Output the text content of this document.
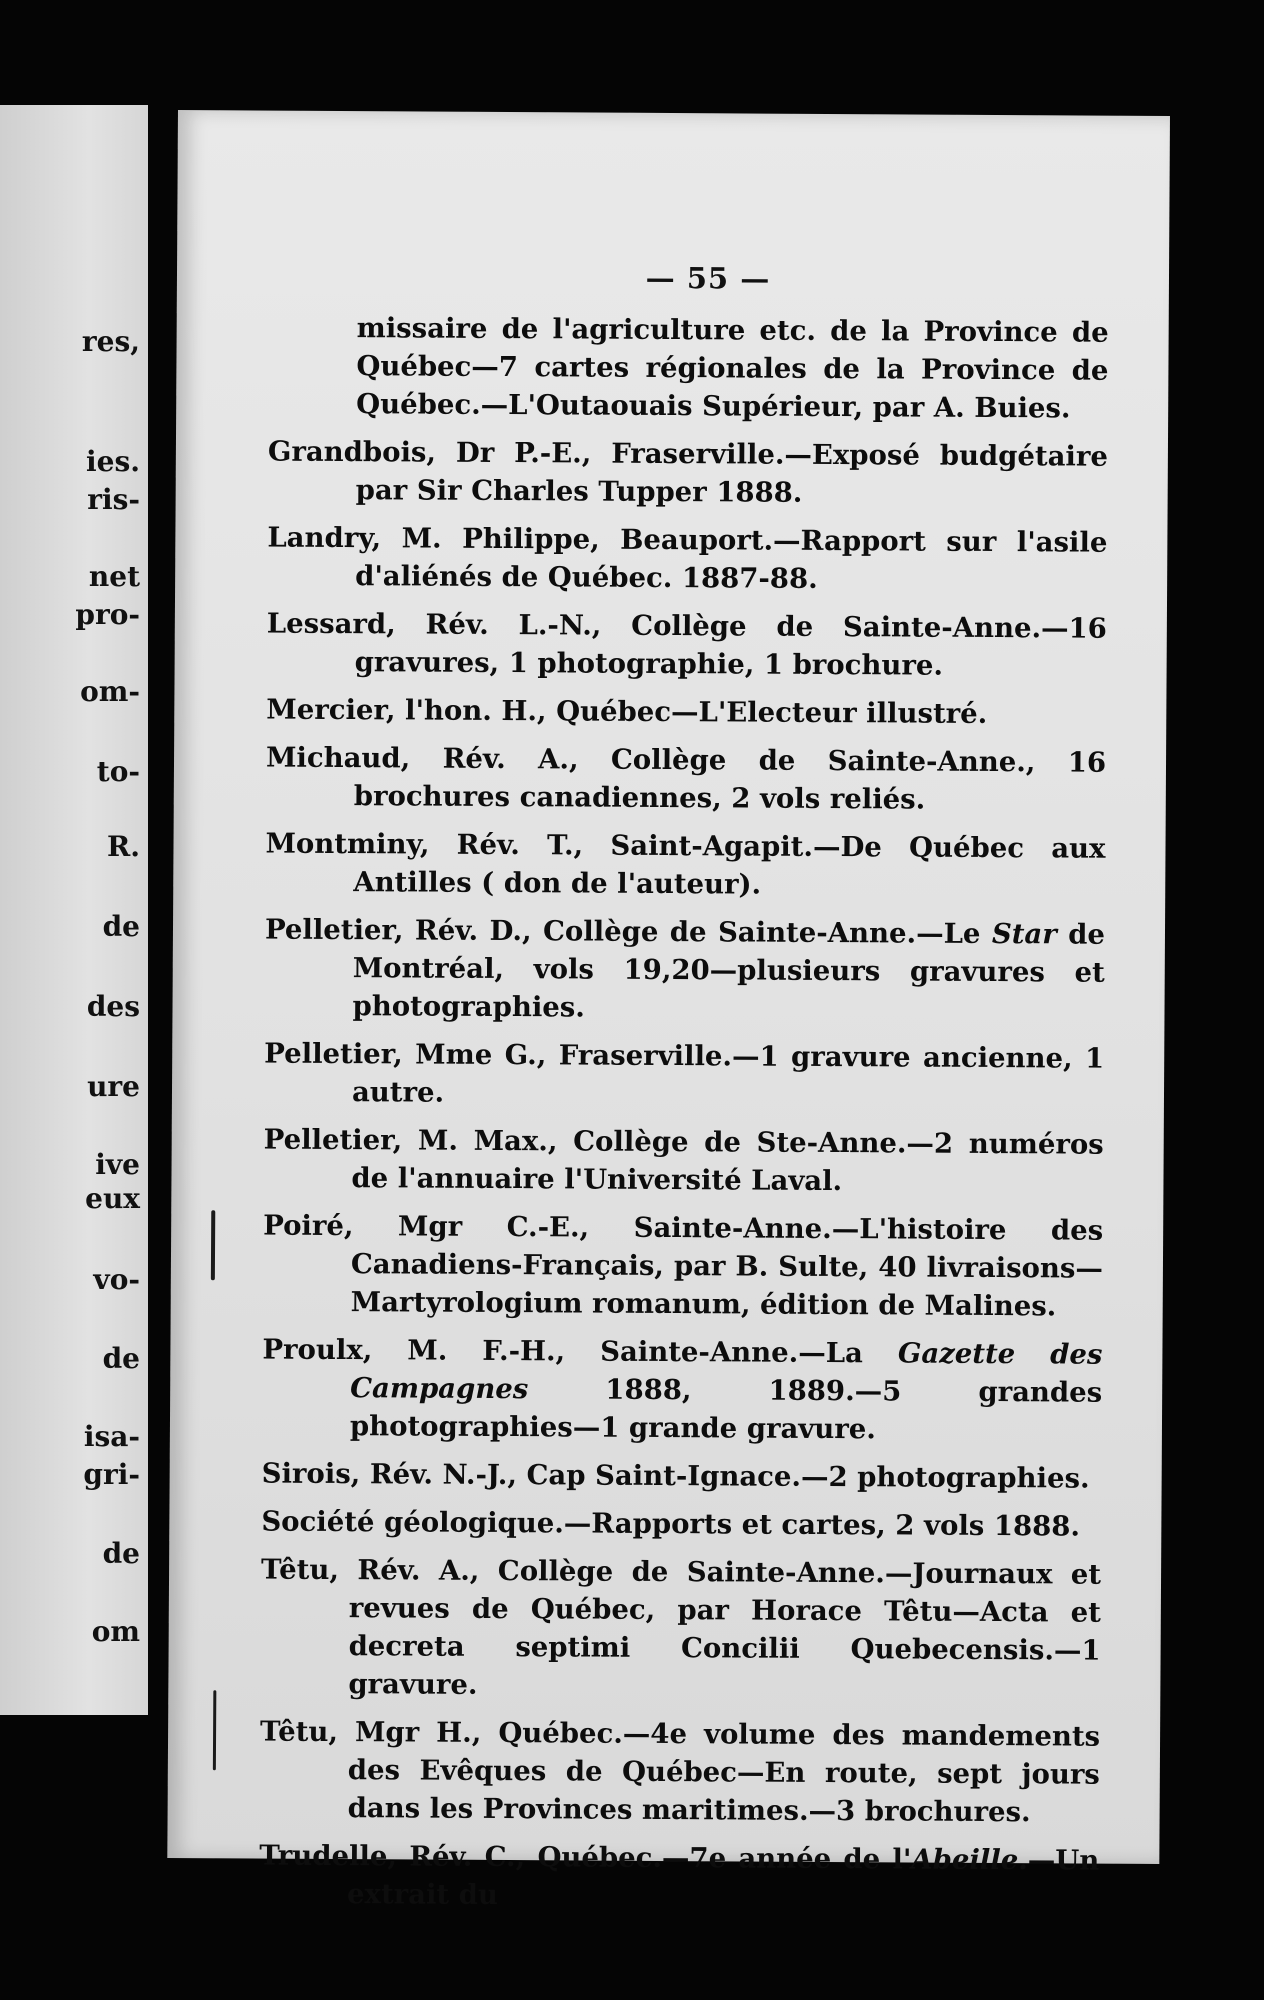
res,
ies.
ris-
net
pro-
om-
to-
R.
de
des
ure
ive
eux
vo-
de
isa-
gri-
de
om
— 55 —
missaire de l'agriculture etc. de la Province de Québec—7 cartes régionales de la Province de Québec.—L'Outaouais Supérieur, par A. Buies.
Grandbois, Dr P.-E., Fraserville.—Exposé budgétaire par Sir Charles Tupper 1888.
Landry, M. Philippe, Beauport.—Rapport sur l'asile d'aliénés de Québec. 1887-88.
Lessard, Rév. L.-N., Collège de Sainte-Anne.—16 gravures, 1 photographie, 1 brochure.
Mercier, l'hon. H., Québec—L'Electeur illustré.
Michaud, Rév. A., Collège de Sainte-Anne., 16 brochures canadiennes, 2 vols reliés.
Montminy, Rév. T., Saint-Agapit.—De Québec aux Antilles ( don de l'auteur).
Pelletier, Rév. D., Collège de Sainte-Anne.—Le Star de Montréal, vols 19,20—plusieurs gravures et photographies.
Pelletier, Mme G., Fraserville.—1 gravure ancienne, 1 autre.
Pelletier, M. Max., Collège de Ste-Anne.—2 numéros de l'annuaire l'Université Laval.
Poiré, Mgr C.-E., Sainte-Anne.—L'histoire des Canadiens-Français, par B. Sulte, 40 livraisons—Martyrologium romanum, édition de Malines.
Proulx, M. F.-H., Sainte-Anne.—La Gazette des Campagnes 1888, 1889.—5 grandes photographies—1 grande gravure.
Sirois, Rév. N.-J., Cap Saint-Ignace.—2 photographies.
Société géologique.—Rapports et cartes, 2 vols 1888.
Têtu, Rév. A., Collège de Sainte-Anne.—Journaux et revues de Québec, par Horace Têtu—Acta et decreta septimi Concilii Quebecensis.—1 gravure.
Têtu, Mgr H., Québec.—4e volume des mandements des Evêques de Québec—En route, sept jours dans les Provinces maritimes.—3 brochures.
Trudelle, Rév. C., Québec.—7e année de l'Abeille.—Un extrait du
